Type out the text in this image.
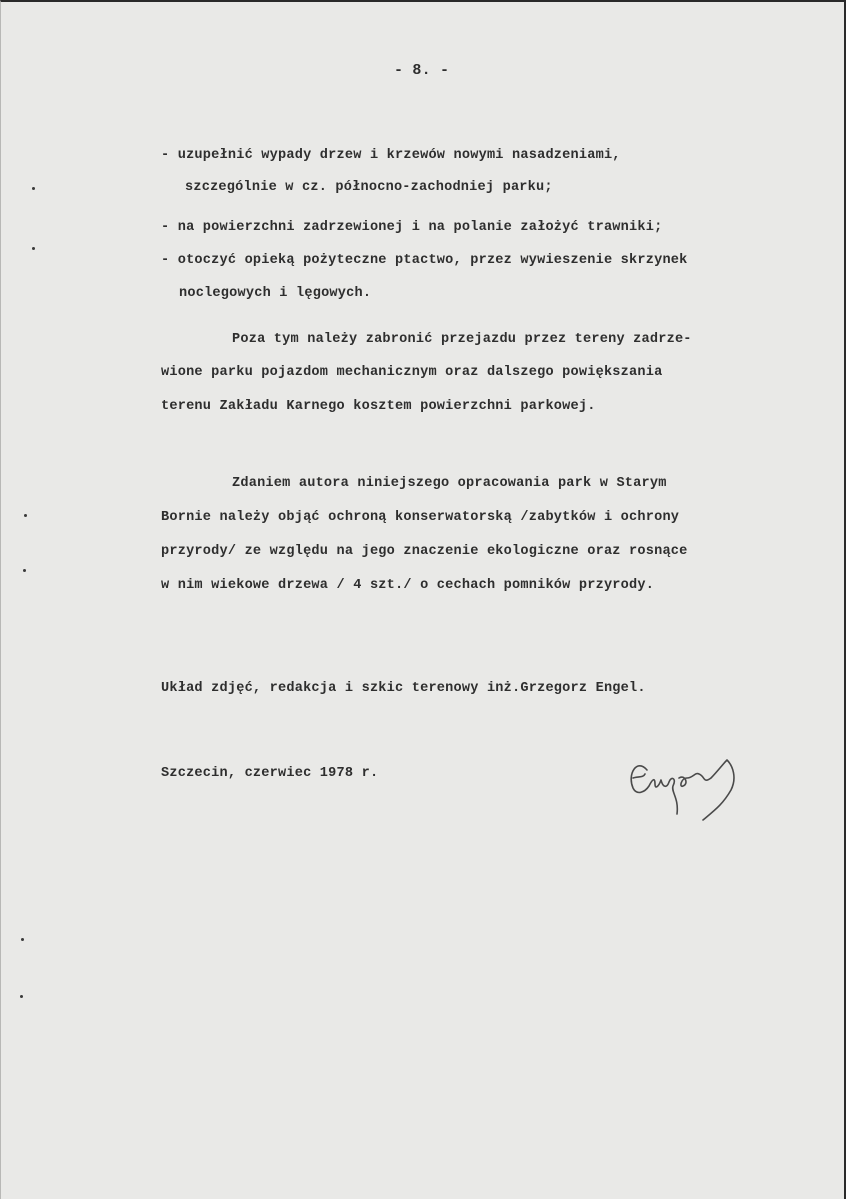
- 8. -
- uzupełnić wypady drzew i krzewów nowymi nasadzeniami,
szczególnie w cz. północno-zachodniej parku;
- na powierzchni zadrzewionej i na polanie założyć trawniki;
- otoczyć opieką pożyteczne ptactwo, przez wywieszenie skrzynek
noclegowych i lęgowych.
Poza tym należy zabronić przejazdu przez tereny zadrze-
wione parku pojazdom mechanicznym oraz dalszego powiększania
terenu Zakładu Karnego kosztem powierzchni parkowej.
Zdaniem autora niniejszego opracowania park w Starym
Bornie należy objąć ochroną konserwatorską /zabytków i ochrony
przyrody/ ze względu na jego znaczenie ekologiczne oraz rosnące
w nim wiekowe drzewa / 4 szt./ o cechach pomników przyrody.
Układ zdjęć, redakcja i szkic terenowy inż.Grzegorz Engel.
Szczecin, czerwiec 1978 r.
